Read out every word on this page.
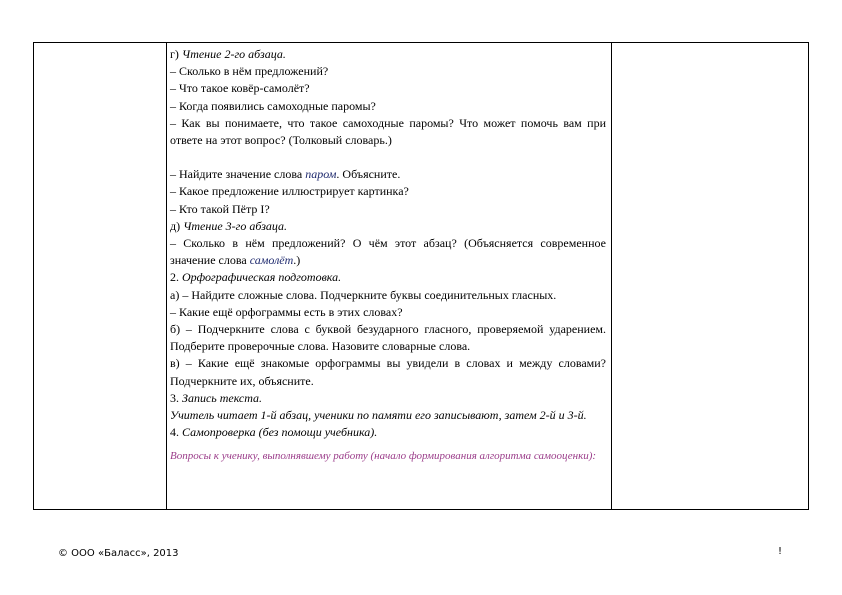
г) Чтение 2-го абзаца.

– Сколько в нём предложений?

– Что такое ковёр-самолёт?

– Когда появились самоходные паромы?

– Как вы понимаете, что такое самоходные паромы? Что может помочь вам при ответе на этот вопрос? (Толковый словарь.)

– Найдите значение слова паром. Объясните.

– Какое предложение иллюстрирует картинка?

– Кто такой Пётр I?

д) Чтение 3-го абзаца.

– Сколько в нём предложений? О чём этот абзац? (Объясняется современное значение слова самолёт.)

2. Орфографическая подготовка.

а) – Найдите сложные слова. Подчеркните буквы соединительных гласных.

– Какие ещё орфограммы есть в этих словах?

б) – Подчеркните слова с буквой безударного гласного, проверяемой ударением. Подберите проверочные слова. Назовите словарные слова.

в) – Какие ещё знакомые орфограммы вы увидели в словах и между словами? Подчеркните их, объясните.

3. Запись текста.

Учитель читает 1-й абзац, ученики по памяти его записывают, затем 2-й и 3-й.

4. Самопроверка (без помощи учебника).

Вопросы к ученику, выполнявшему работу (начало формирования алгоритма самооценки):

© ООО «Баласс», 2013	!
